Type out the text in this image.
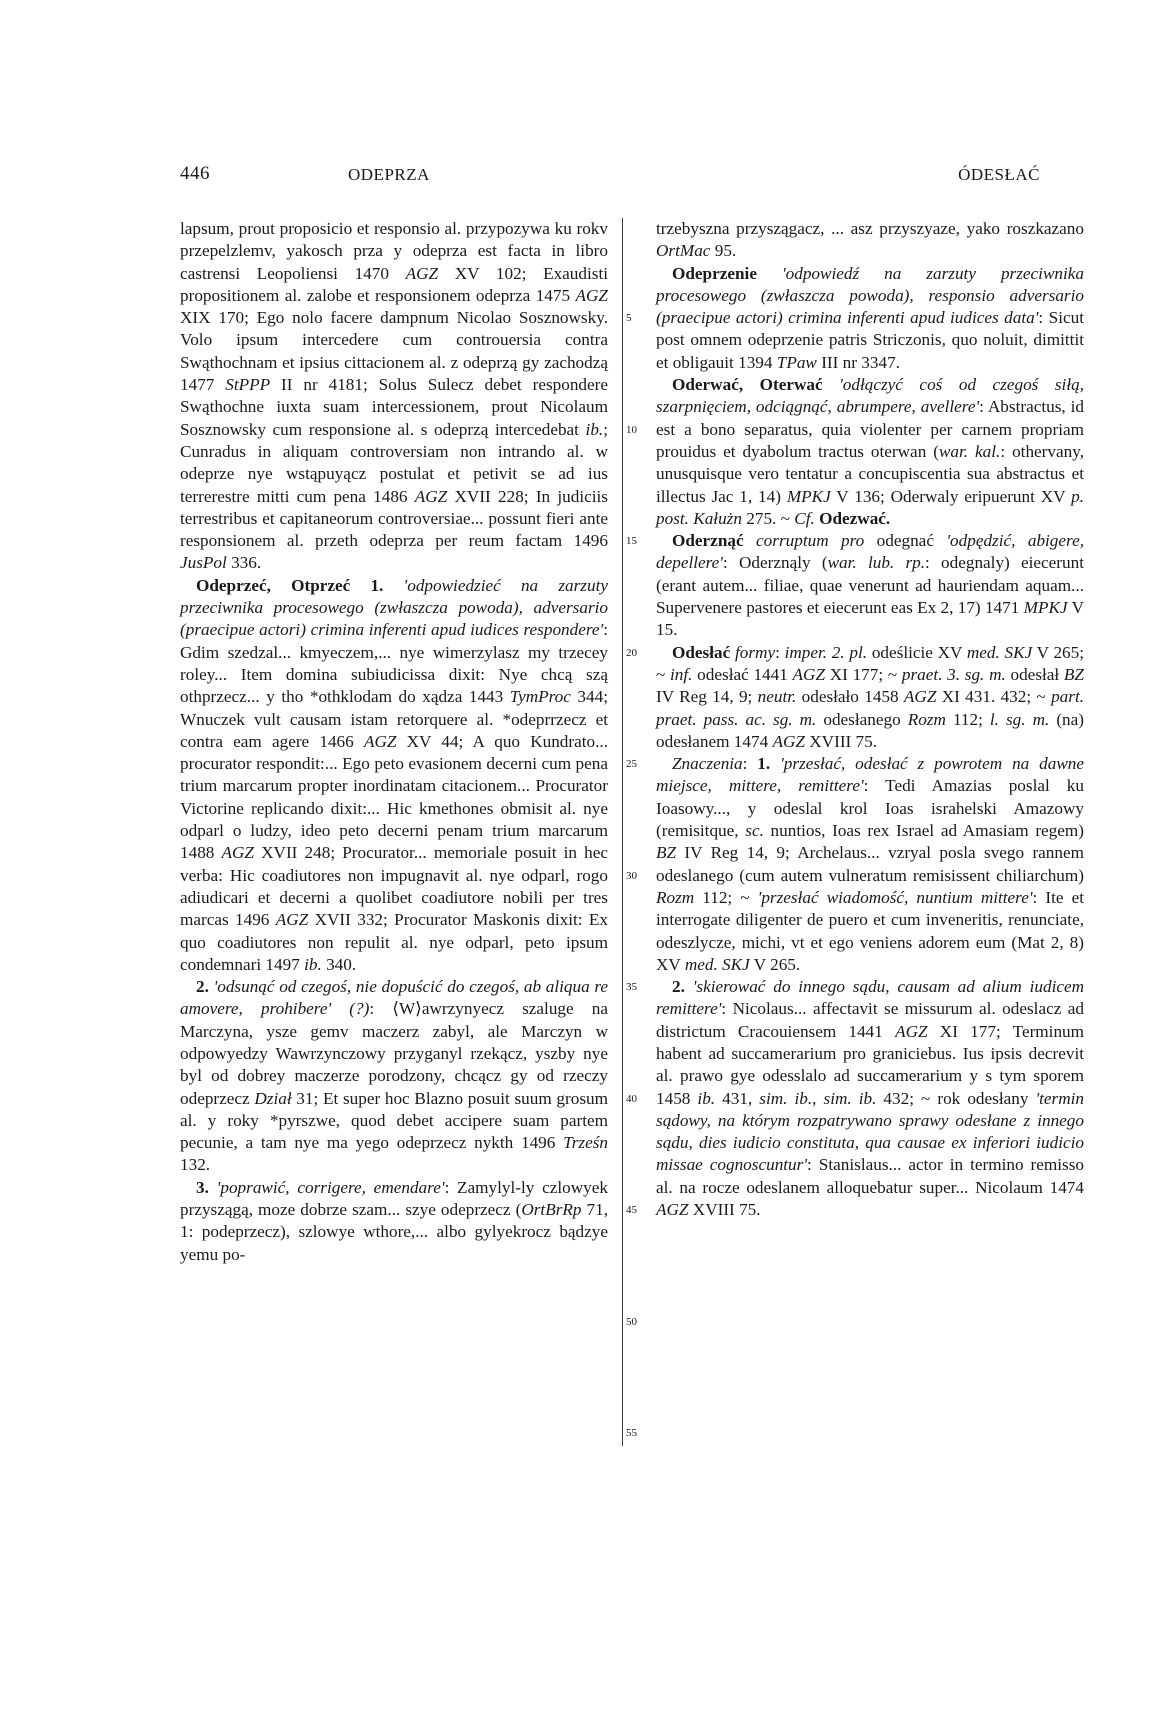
446	ODEPRZA	ÓDESŁAĆ

lapsum, prout proposicio et responsio al. przypozywa ku rokv przepelzlemv, yakosch prza y odeprza est facta in libro castrensi Leopoliensi 1470 AGZ XV 102; Exaudisti propositionem al. zalobe et responsionem odeprza 1475 AGZ XIX 170; Ego nolo facere dampnum Nicolao Sosznowsky. Volo ipsum intercedere cum controuersia contra Swąthochnam et ipsius cittacionem al. z odeprzą gy zachodzą 1477 StPPP II nr 4181; Solus Sulecz debet respondere Swąthochne iuxta suam intercessionem, prout Nicolaum Sosznowsky cum responsione al. s odeprzą intercedebat ib.; Cunradus in aliquam controversiam non intrando al. w odeprze nye wstąpuyącz postulat et petivit se ad ius terrerestre mitti cum pena 1486 AGZ XVII 228; In judiciis terrestribus et capitaneorum controversiae... possunt fieri ante responsionem al. przeth odeprza per reum factam 1496 JusPol 336.

Odeprzeć, Otprzeć 1. 'odpowiedzieć na zarzuty przeciwnika procesowego (zwłaszcza powoda), adversario (praecipue actori) crimina inferenti apud iudices respondere': Gdim szedzal... kmyeczem,... nye wimerzylasz my trzecey roley... Item domina subiudicissa dixit: Nye chcą szą othprzecz... y tho *othklodam do xądza 1443 TymProc 344; Wnuczek vult causam istam retorquere al. *odeprrzecz et contra eam agere 1466 AGZ XV 44; A quo Kundrato... procurator respondit:... Ego peto evasionem decerni cum pena trium marcarum propter inordinatam citacionem... Procurator Victorine replicando dixit:... Hic kmethones obmisit al. nye odparl o ludzy, ideo peto decerni penam trium marcarum 1488 AGZ XVII 248; Procurator... memoriale posuit in hec verba: Hic coadiutores non impugnavit al. nye odparl, rogo adiudicari et decerni a quolibet coadiutore nobili per tres marcas 1496 AGZ XVII 332; Procurator Maskonis dixit: Ex quo coadiutores non repulit al. nye odparl, peto ipsum condemnari 1497 ib. 340.

2. 'odsunąć od czegoś, nie dopuścić do czegoś, ab aliqua re amovere, prohibere' (?): ⟨W⟩awrzynyecz szaluge na Marczyna, ysze gemv maczerz zabyl, ale Marczyn w odpowyedzy Wawrzynczowy przyganyl rzekącz, yszby nye byl od dobrey maczerze porodzony, chcącz gy od rzeczy odeprzecz Dział 31; Et super hoc Blazno posuit suum grosum al. y roky *pyrszwe, quod debet accipere suam partem pecunie, a tam nye ma yego odeprzecz nykth 1496 Trześn 132.

3. 'poprawić, corrigere, emendare': Zamylyl-ly czlowyek przyszągą, moze dobrze szam... szye odeprzecz (OrtBrRp 71, 1: podeprzecz), szlowye wthore,... albo gylyekrocz bądzye yemu po-

5
10
15
20
25
30
35
40
45
50
55

trzebyszna przyszągacz, ... asz przyszyaze, yako roszkazano OrtMac 95.

Odeprzenie 'odpowiedź na zarzuty przeciwnika procesowego (zwłaszcza powoda), responsio adversario (praecipue actori) crimina inferenti apud iudices data': Sicut post omnem odeprzenie patris Striczonis, quo noluit, dimittit et obligauit 1394 TPaw III nr 3347.

Oderwać, Oterwać 'odłączyć coś od czegoś siłą, szarpnięciem, odciągnąć, abrumpere, avellere': Abstractus, id est a bono separatus, quia violenter per carnem propriam prouidus et dyabolum tractus oterwan (war. kal.: othervany, unusquisque vero tentatur a concupiscentia sua abstractus et illectus Jac 1, 14) MPKJ V 136; Oderwaly eripuerunt XV p. post. Kałużn 275. ~ Cf. Odezwać.

Oderznąć corruptum pro odegnać 'odpędzić, abigere, depellere': Oderznąly (war. lub. rp.: odegnaly) eiecerunt (erant autem... filiae, quae venerunt ad hauriendam aquam... Supervenere pastores et eiecerunt eas Ex 2, 17) 1471 MPKJ V 15.

Odesłać formy: imper. 2. pl. odeślicie XV med. SKJ V 265; ~ inf. odesłać 1441 AGZ XI 177; ~ praet. 3. sg. m. odesłał BZ IV Reg 14, 9; neutr. odesłało 1458 AGZ XI 431. 432; ~ part. praet. pass. ac. sg. m. odesłanego Rozm 112; l. sg. m. (na) odesłanem 1474 AGZ XVIII 75.

Znaczenia: 1. 'przesłać, odesłać z powrotem na dawne miejsce, mittere, remittere': Tedi Amazias poslal ku Ioasowy..., y odeslal krol Ioas israhelski Amazowy (remisitque, sc. nuntios, Ioas rex Israel ad Amasiam regem) BZ IV Reg 14, 9; Archelaus... vzryal posla svego rannem odeslanego (cum autem vulneratum remisissent chiliarchum) Rozm 112; ~ 'przesłać wiadomość, nuntium mittere': Ite et interrogate diligenter de puero et cum inveneritis, renunciate, odeszlycze, michi, vt et ego veniens adorem eum (Mat 2, 8) XV med. SKJ V 265.

2. 'skierować do innego sądu, causam ad alium iudicem remittere': Nicolaus... affectavit se missurum al. odeslacz ad districtum Cracouiensem 1441 AGZ XI 177; Terminum habent ad succamerarium pro graniciebus. Ius ipsis decrevit al. prawo gye odesslalo ad succamerarium y s tym sporem 1458 ib. 431, sim. ib., sim. ib. 432; ~ rok odesłany 'termin sądowy, na którym rozpatrywano sprawy odesłane z innego sądu, dies iudicio constituta, qua causae ex inferiori iudicio missae cognoscuntur': Stanislaus... actor in termino remisso al. na rocze odeslanem alloquebatur super... Nicolaum 1474 AGZ XVIII 75.
